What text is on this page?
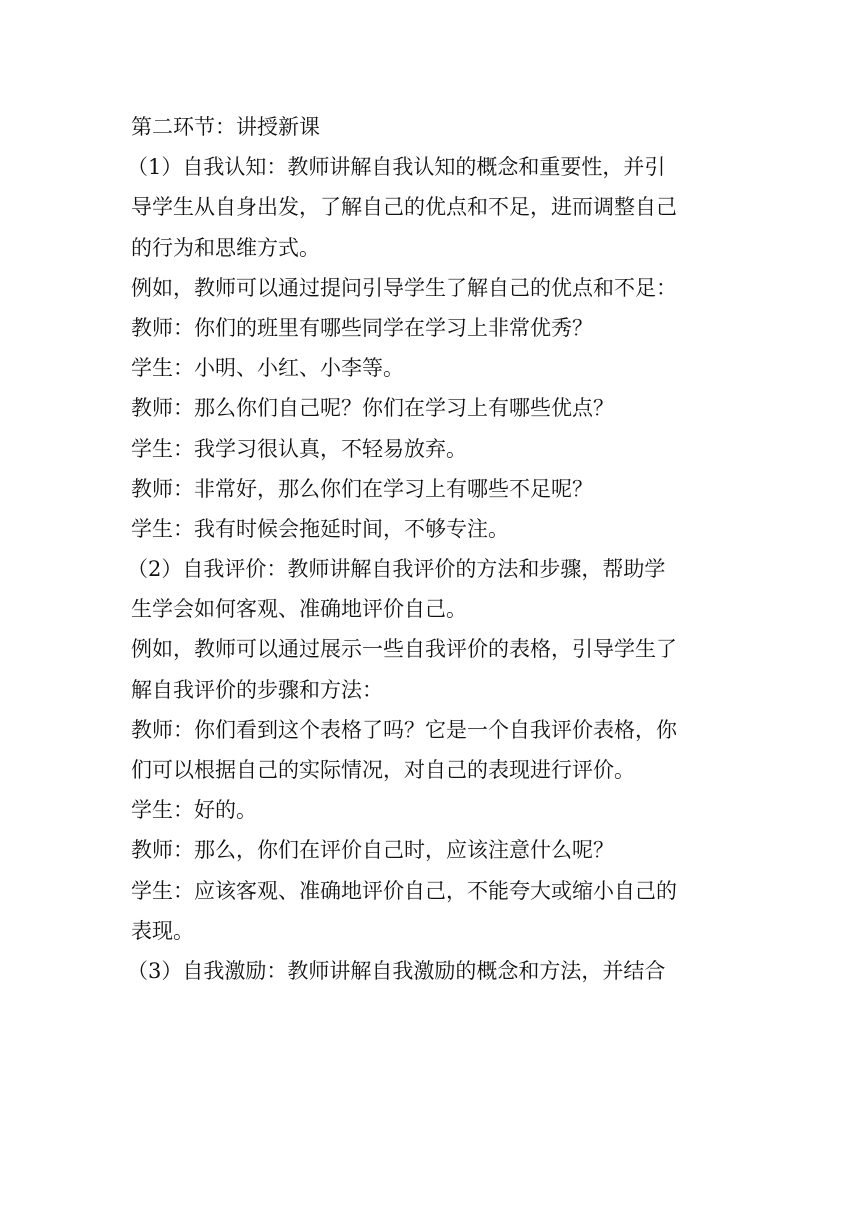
第二环节：讲授新课
（1）自我认知：教师讲解自我认知的概念和重要性，并引
导学生从自身出发，了解自己的优点和不足，进而调整自己
的行为和思维方式。
例如，教师可以通过提问引导学生了解自己的优点和不足：
教师：你们的班里有哪些同学在学习上非常优秀？
学生：小明、小红、小李等。
教师：那么你们自己呢？你们在学习上有哪些优点？
学生：我学习很认真，不轻易放弃。
教师：非常好，那么你们在学习上有哪些不足呢？
学生：我有时候会拖延时间，不够专注。
（2）自我评价：教师讲解自我评价的方法和步骤，帮助学
生学会如何客观、准确地评价自己。
例如，教师可以通过展示一些自我评价的表格，引导学生了
解自我评价的步骤和方法：
教师：你们看到这个表格了吗？它是一个自我评价表格，你
们可以根据自己的实际情况，对自己的表现进行评价。
学生：好的。
教师：那么，你们在评价自己时，应该注意什么呢？
学生：应该客观、准确地评价自己，不能夸大或缩小自己的
表现。
（3）自我激励：教师讲解自我激励的概念和方法，并结合
